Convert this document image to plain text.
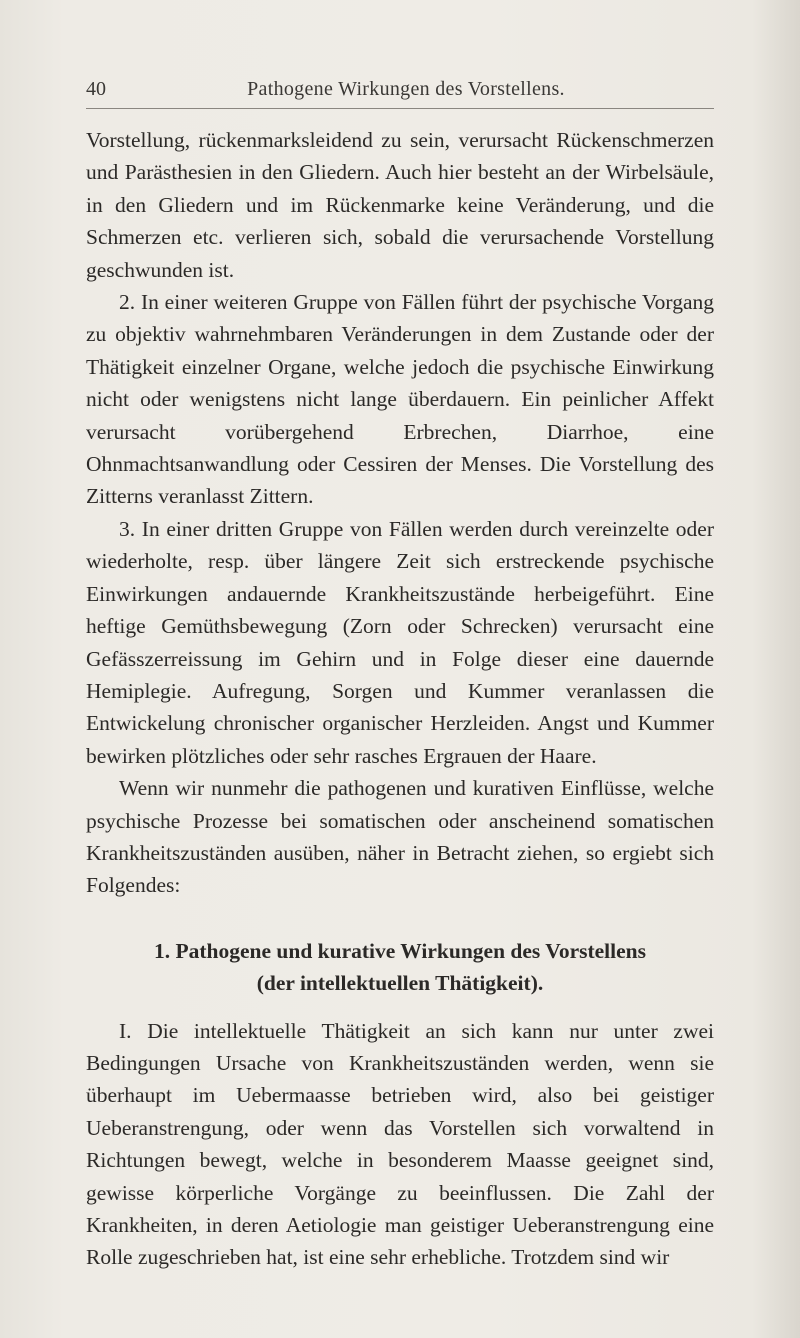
40	Pathogene Wirkungen des Vorstellens.

Vorstellung, rückenmarksleidend zu sein, verursacht Rückenschmerzen und Parästhesien in den Gliedern. Auch hier besteht an der Wirbelsäule, in den Gliedern und im Rückenmarke keine Veränderung, und die Schmerzen etc. verlieren sich, sobald die verursachende Vorstellung geschwunden ist.

2. In einer weiteren Gruppe von Fällen führt der psychische Vorgang zu objektiv wahrnehmbaren Veränderungen in dem Zustande oder der Thätigkeit einzelner Organe, welche jedoch die psychische Einwirkung nicht oder wenigstens nicht lange überdauern. Ein peinlicher Affekt verursacht vorübergehend Erbrechen, Diarrhoe, eine Ohnmachtsanwandlung oder Cessiren der Menses. Die Vorstellung des Zitterns veranlasst Zittern.

3. In einer dritten Gruppe von Fällen werden durch vereinzelte oder wiederholte, resp. über längere Zeit sich erstreckende psychische Einwirkungen andauernde Krankheitszustände herbeigeführt. Eine heftige Gemüthsbewegung (Zorn oder Schrecken) verursacht eine Gefässzerreissung im Gehirn und in Folge dieser eine dauernde Hemiplegie. Aufregung, Sorgen und Kummer veranlassen die Entwickelung chronischer organischer Herzleiden. Angst und Kummer bewirken plötzliches oder sehr rasches Ergrauen der Haare.

Wenn wir nunmehr die pathogenen und kurativen Einflüsse, welche psychische Prozesse bei somatischen oder anscheinend somatischen Krankheitszuständen ausüben, näher in Betracht ziehen, so ergiebt sich Folgendes:

1. Pathogene und kurative Wirkungen des Vorstellens
(der intellektuellen Thätigkeit).

I. Die intellektuelle Thätigkeit an sich kann nur unter zwei Bedingungen Ursache von Krankheitszuständen werden, wenn sie überhaupt im Uebermaasse betrieben wird, also bei geistiger Ueberanstrengung, oder wenn das Vorstellen sich vorwaltend in Richtungen bewegt, welche in besonderem Maasse geeignet sind, gewisse körperliche Vorgänge zu beeinflussen. Die Zahl der Krankheiten, in deren Aetiologie man geistiger Ueberanstrengung eine Rolle zugeschrieben hat, ist eine sehr erhebliche. Trotzdem sind wir
